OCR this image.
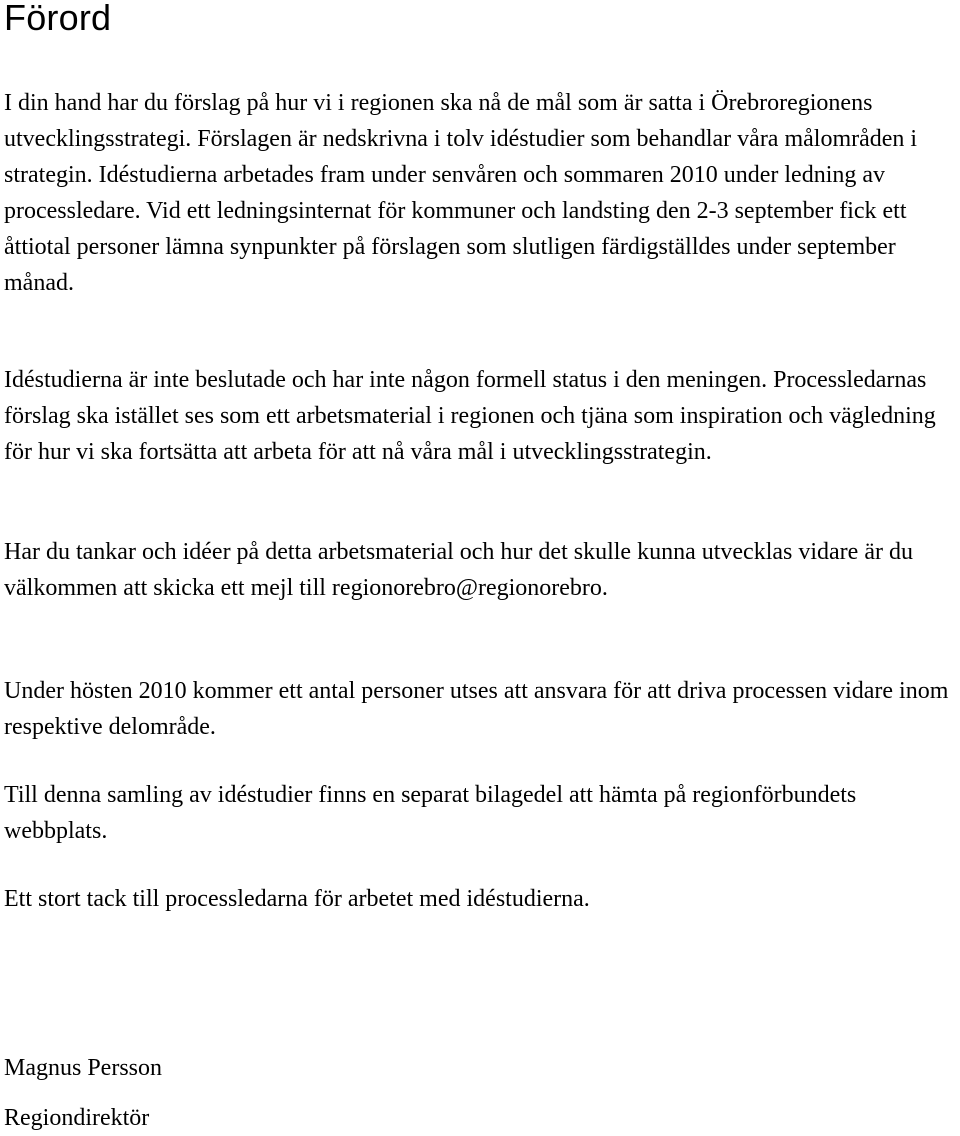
Förord

I din hand har du förslag på hur vi i regionen ska nå de mål som är satta i Örebroregionens utvecklingsstrategi. Förslagen är nedskrivna i tolv idéstudier som behandlar våra målområden i strategin. Idéstudierna arbetades fram under senvåren och sommaren 2010 under ledning av processledare. Vid ett ledningsinternat för kommuner och landsting den 2-3 september fick ett åttiotal personer lämna synpunkter på förslagen som slutligen färdigställdes under september månad.

Idéstudierna är inte beslutade och har inte någon formell status i den meningen. Processledarnas förslag ska istället ses som ett arbetsmaterial i regionen och tjäna som inspiration och vägledning för hur vi ska fortsätta att arbeta för att nå våra mål i utvecklingsstrategin.

Har du tankar och idéer på detta arbetsmaterial och hur det skulle kunna utvecklas vidare är du välkommen att skicka ett mejl till regionorebro@regionorebro.

Under hösten 2010 kommer ett antal personer utses att ansvara för att driva processen vidare inom respektive delområde.

Till denna samling av idéstudier finns en separat bilagedel att hämta på regionförbundets webbplats.

Ett stort tack till processledarna för arbetet med idéstudierna.

Magnus Persson

Regiondirektör
